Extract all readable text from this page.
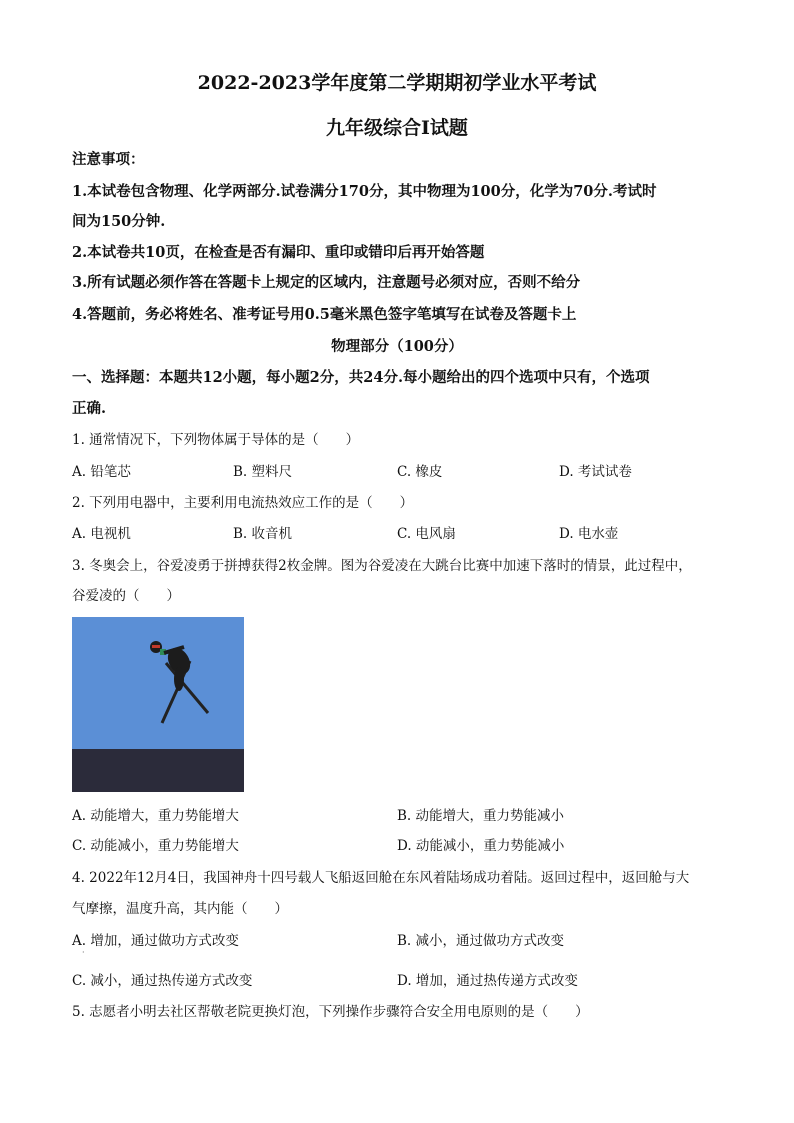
2022-2023学年度第二学期期初学业水平考试
九年级综合Ⅰ试题
注意事项：
1.本试卷包含物理、化学两部分.试卷满分170分，其中物理为100分，化学为70分.考试时
间为150分钟.
2.本试卷共10页，在检查是否有漏印、重印或错印后再开始答题
3.所有试题必须作答在答题卡上规定的区域内，注意题号必须对应，否则不给分
4.答题前，务必将姓名、准考证号用0.5毫米黑色签字笔填写在试卷及答题卡上
物理部分（100分）
一、选择题：本题共12小题，每小题2分，共24分.每小题给出的四个选项中只有，个选项
正确.
1. 通常情况下，下列物体属于导体的是（　　）
A. 铅笔芯	B. 塑料尺	C. 橡皮	D. 考试试卷
2. 下列用电器中，主要利用电流热效应工作的是（　　）
A. 电视机	B. 收音机	C. 电风扇	D. 电水壶
3. 冬奥会上，谷爱凌勇于拼搏获得2枚金牌。图为谷爱凌在大跳台比赛中加速下落时的情景，此过程中，
谷爱凌的（　　）
A. 动能增大，重力势能增大	B. 动能增大，重力势能减小
C. 动能减小，重力势能增大	D. 动能减小，重力势能减小
4. 2022年12月4日，我国神舟十四号载人飞船返回舱在东风着陆场成功着陆。返回过程中，返回舱与大
气摩擦，温度升高，其内能（　　）
A. 增加，通过做功方式改变	B. 减小，通过做功方式改变
·
C. 减小，通过热传递方式改变	D. 增加，通过热传递方式改变
5. 志愿者小明去社区帮敬老院更换灯泡，下列操作步骤符合安全用电原则的是（　　）
